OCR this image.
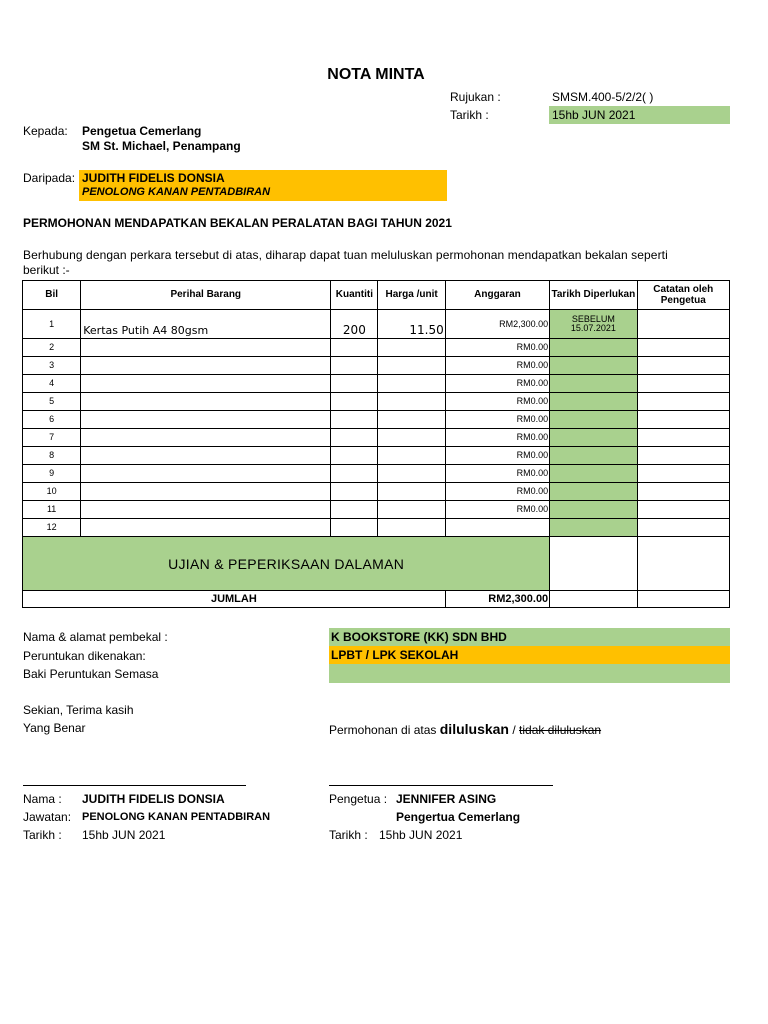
NOTA MINTA
Rujukan :	SMSM.400-5/2/2( )
Tarikh :	15hb JUN 2021
Kepada: Pengetua Cemerlang
SM St. Michael, Penampang
Daripada: JUDITH FIDELIS DONSIA
PENOLONG KANAN PENTADBIRAN
PERMOHONAN MENDAPATKAN BEKALAN PERALATAN BAGI TAHUN 2021
Berhubung dengan perkara tersebut di atas, diharap dapat tuan meluluskan permohonan mendapatkan bekalan seperti
berikut :-
Bil	Perihal Barang	Kuantiti	Harga /unit	Anggaran	Tarikh Diperlukan	Catatan oleh Pengetua
1	Kertas Putih A4 80gsm	200	11.50	RM2,300.00	SEBELUM
15.07.2021	
2				RM0.00		
3				RM0.00		
4				RM0.00		
5				RM0.00		
6				RM0.00		
7				RM0.00		
8				RM0.00		
9				RM0.00		
10				RM0.00		
11				RM0.00		
12						
UJIAN & PEPERIKSAAN DALAMAN						
JUMLAH				RM2,300.00		
Nama & alamat pembekal :	K BOOKSTORE (KK) SDN BHD
Peruntukan dikenakan:	LPBT / LPK SEKOLAH
Baki Peruntukan Semasa
Sekian, Terima kasih
Yang Benar	Permohonan di atas diluluskan / tidak diluluskan
Nama : JUDITH FIDELIS DONSIA
Jawatan: PENOLONG KANAN PENTADBIRAN
Tarikh : 15hb JUN 2021
Pengetua : JENNIFER ASING
Pengertua Cemerlang
Tarikh : 15hb JUN 2021
